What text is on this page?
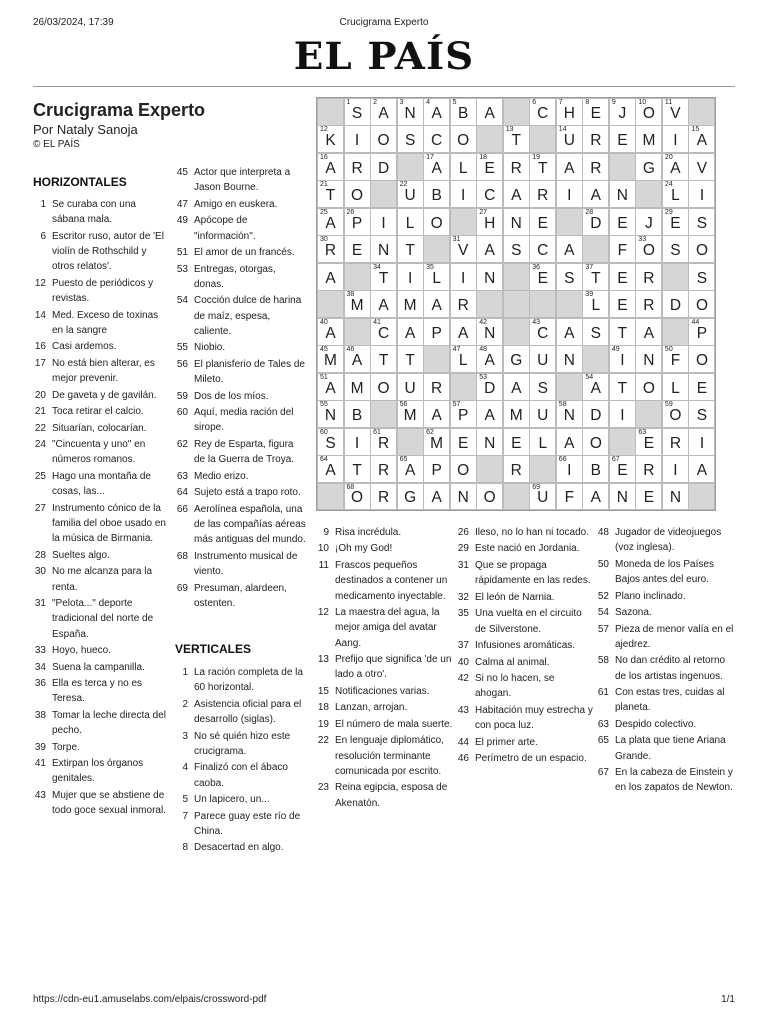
26/03/2024, 17:39	Crucigrama Experto
EL PAÍS
Crucigrama Experto
Por Nataly Sanoja
© EL PAÍS
HORIZONTALES
VERTICALES
1 Se curaba con una sábana mala.
6 Escritor ruso, autor de 'El violín de Rothschild y otros relatos'.
12 Puesto de periódicos y revistas.
14 Med. Exceso de toxinas en la sangre
16 Casi ardemos.
17 No está bien alterar, es mejor prevenir.
20 De gaveta y de gavilán.
21 Toca retirar el calcio.
22 Situarían, colocarían.
24 "Cincuenta y uno" en números romanos.
25 Hago una montaña de cosas, las...
27 Instrumento cónico de la familia del oboe usado en la música de Birmania.
28 Sueltes algo.
30 No me alcanza para la renta.
31 "Pelota..." deporte tradicional del norte de España.
33 Hoyo, hueco.
34 Suena la campanilla.
36 Ella es terca y no es Teresa.
38 Tomar la leche directa del pecho.
39 Torpe.
41 Extirpan los órganos genitales.
43 Mujer que se abstiene de todo goce sexual inmoral.
45 Actor que interpreta a Jason Bourne.
47 Amigo en euskera.
49 Apócope de "información".
51 El amor de un francés.
53 Entregas, otorgas, donas.
54 Cocción dulce de harina de maíz, espesa, caliente.
55 Niobio.
56 El planisferio de Tales de Mileto.
59 Dos de los míos.
60 Aquí, media ración del sirope.
62 Rey de Esparta, figura de la Guerra de Troya.
63 Medio erizo.
64 Sujeto está a trapo roto.
66 Aerolínea española, una de las compañías aéreas más antiguas del mundo.
68 Instrumento musical de viento.
69 Presuman, alardeen, ostenten.
1 La ración completa de la 60 horizontal.
2 Asistencia oficial para el desarrollo (siglas).
3 No sé quién hizo este crucigrama.
4 Finalizó con el ábaco caoba.
5 Un lapicero, un...
7 Parece guay este río de China.
8 Desacertad en algo.
9 Risa incrédula.
10 ¡Oh my God!
11 Frascos pequeños destinados a contener un medicamento inyectable.
12 La maestra del agua, la mejor amiga del avatar Aang.
13 Prefijo que significa 'de un lado a otro'.
15 Notificaciones varias.
18 Lanzan, arrojan.
19 El número de mala suerte.
22 En lenguaje diplomático, resolución terminante comunicada por escrito.
23 Reina egipcia, esposa de Akenatón.
26 Ileso, no lo han ni tocado.
29 Este nació en Jordania.
31 Que se propaga rápidamente en las redes.
32 El león de Narnia.
35 Una vuelta en el circuito de Silverstone.
37 Infusiones aromáticas.
40 Calma al animal.
42 Si no lo hacen, se ahogan.
43 Habitación muy estrecha y con poca luz.
44 El primer arte.
46 Perímetro de un espacio.
48 Jugador de videojuegos (voz inglesa).
50 Moneda de los Países Bajos antes del euro.
52 Plano inclinado.
54 Sazona.
57 Pieza de menor valía en el ajedrez.
58 No dan crédito al retorno de los artistas ingenuos.
61 Con estas tres, cuidas al planeta.
63 Despido colectivo.
65 La plata que tiene Ariana Grande.
67 En la cabeza de Einstein y en los zapatos de Newton.
1
S
2
A
3
N
4
A
5
B	A
6
C
7
H
8
E
9
J
10
O
11
V
12
K	I	O S	C O
13
T
14
U R	E M	I
15
A
16
A	R D
17
A	L
18
E	R
19
T	A	R	G
20
A	V
21
T	O
22
U	B	I	C	A	R	I	A	N
24
L	I
25
A
26
P	I	L	O
27
H N	E
28
D	E	J
29
E	S
30
R	E	N	T
31
V	A	S	C	A	F
33
O S O
A
34
T	I
35
L	I	N
36
E	S
37
T	E	R	S
38
M A M A	R
39
L	E	R D O
40
A
41
C	A	P	A
42
N
43
C	A	S	T	A
44
P
45
M
46
A	T	T
47
L
48
A G U N
49
I	N
50
F	O
51
A M O U R
53
D	A	S
54
A	T	O	L	E
55
N	B
56
M A
57
P	A M U
58
N D	I
59
O S
60
S	I
61
R
62
M E	N	E	L	A O
63
E	R	I
64
A	T	R
65
A	P O	R
66
I	B
67
E	R	I	A
68
O R G A	N O
69
U	F	A	N	E	N
https://cdn-eu1.amuselabs.com/elpais/crossword-pdf	1/1
